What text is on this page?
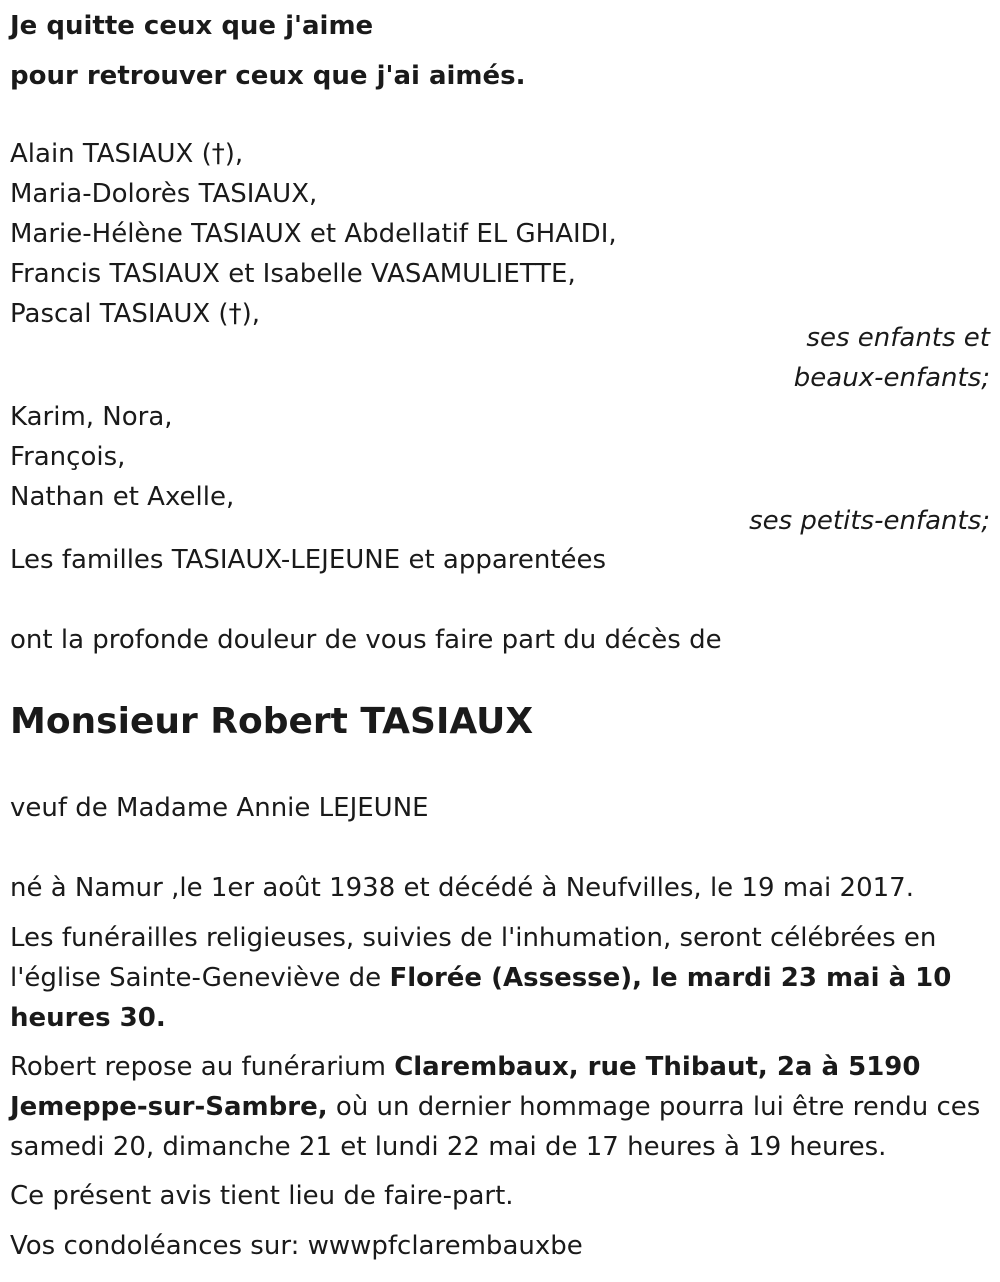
Je quitte ceux que j'aime
pour retrouver ceux que j'ai aimés.
Alain TASIAUX (†),
Maria-Dolorès TASIAUX,
Marie-Hélène TASIAUX et Abdellatif EL GHAIDI,
Francis TASIAUX et Isabelle VASAMULIETTE,
Pascal TASIAUX (†),
ses enfants et
beaux-enfants;
Karim, Nora,
François,
Nathan et Axelle,
ses petits-enfants;
Les familles TASIAUX-LEJEUNE et apparentées
ont la profonde douleur de vous faire part du décès de
Monsieur Robert TASIAUX
veuf de Madame Annie LEJEUNE
né à Namur ,le 1er août 1938 et décédé à Neufvilles, le 19 mai 2017.
Les funérailles religieuses, suivies de l'inhumation, seront célébrées en l'église Sainte-Geneviève de Florée (Assesse), le mardi 23 mai à 10 heures 30.
Robert repose au funérarium Clarembaux, rue Thibaut, 2a à 5190 Jemeppe-sur-Sambre, où un dernier hommage pourra lui être rendu ces samedi 20, dimanche 21 et lundi 22 mai de 17 heures à 19 heures.
Ce présent avis tient lieu de faire-part.
Vos condoléances sur: wwwpfclarembauxbe
